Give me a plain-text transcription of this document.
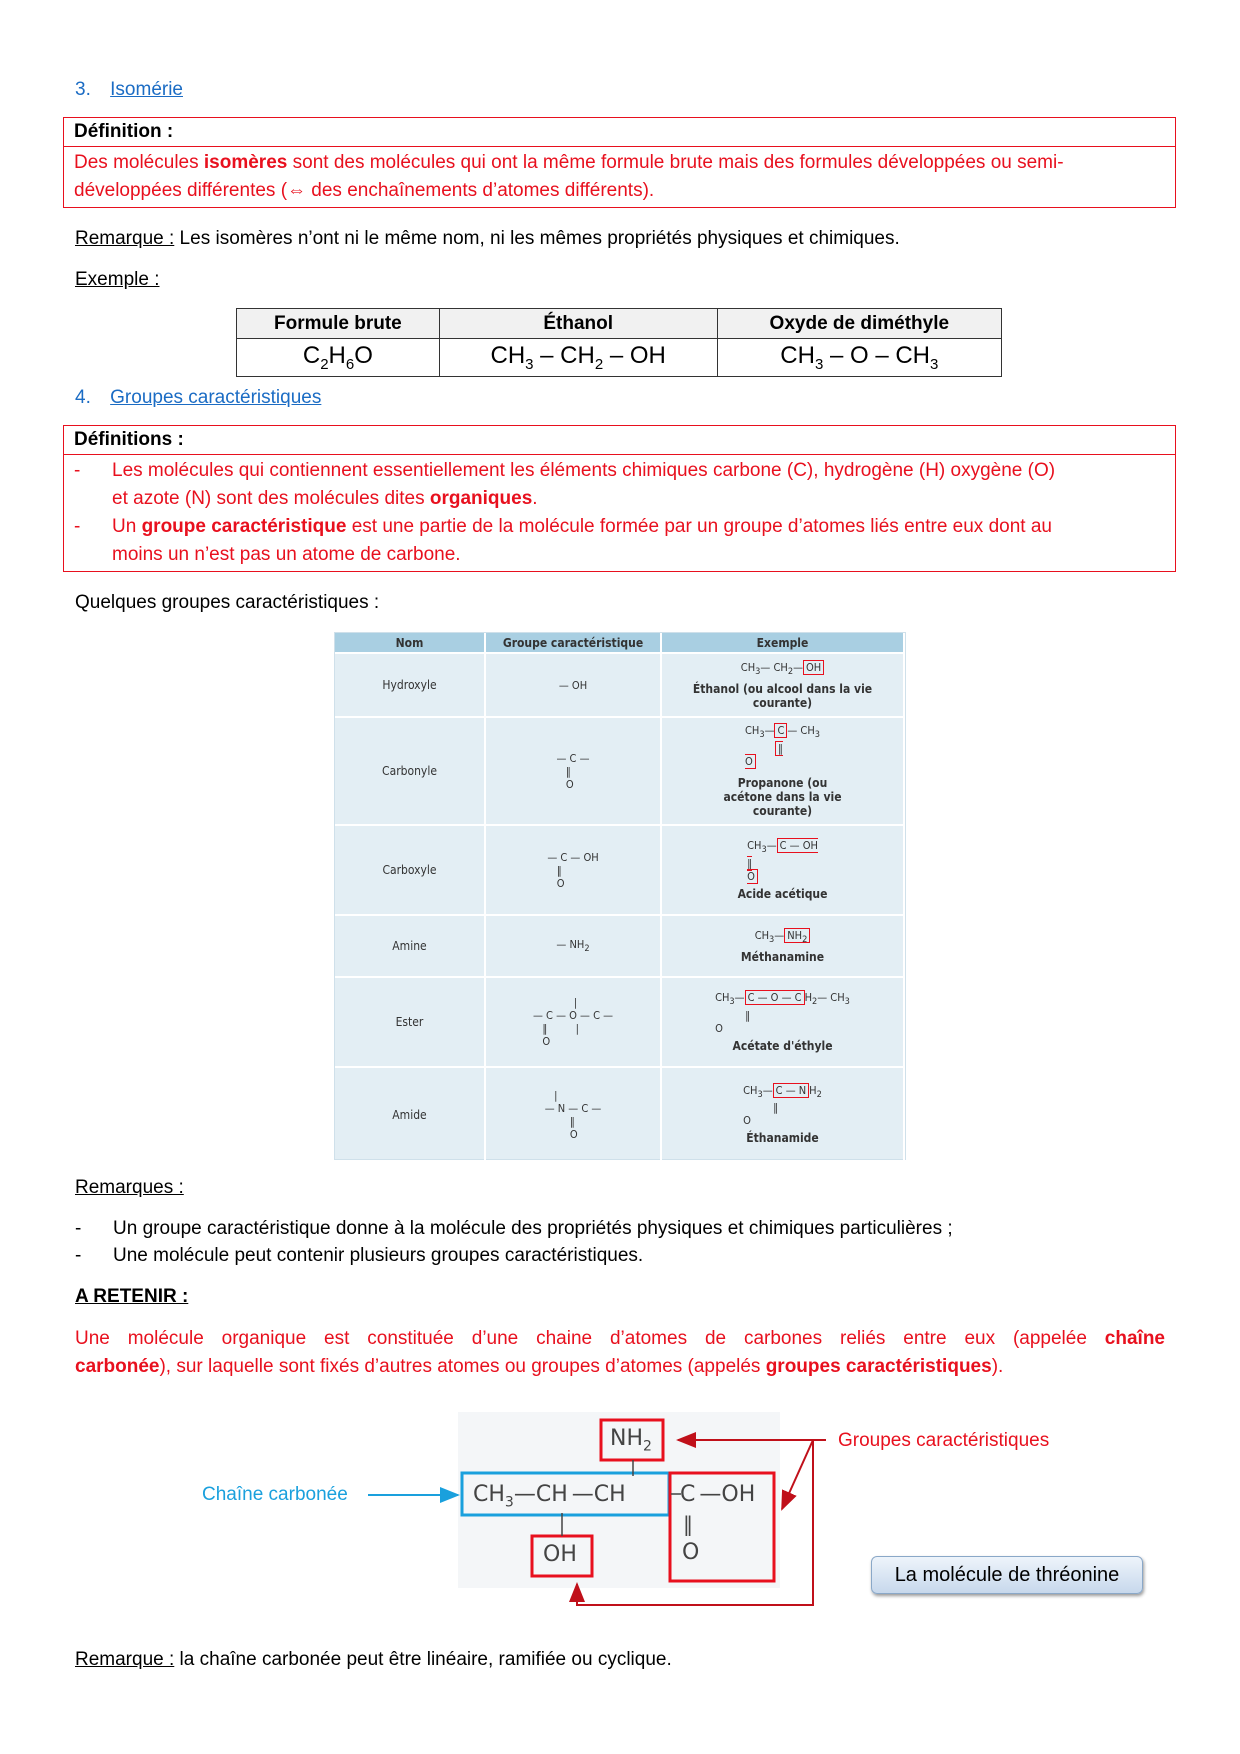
3. Isomérie
Définition :
Des molécules isomères sont des molécules qui ont la même formule brute mais des formules développées ou semi-
développées différentes (⇔ des enchaînements d’atomes différents).
Remarque : Les isomères n’ont ni le même nom, ni les mêmes propriétés physiques et chimiques.
Exemple :
Formule brute	Éthanol	Oxyde de diméthyle
$C_2H_6O$	$CH_3 - CH_2$ – OH	$CH_3$ – O – $CH_3$
4. Groupes caractéristiques
Définitions :
-	Les molécules qui contiennent essentiellement les éléments chimiques carbone (C), hydrogène (H) oxygène (O)
et azote (N) sont des molécules dites organiques.
-	Un groupe caractéristique est une partie de la molécule formée par un groupe d’atomes liés entre eux dont au
moins un n’est pas un atome de carbone.
Quelques groupes caractéristiques :
Nom	Groupe caractéristique	Exemple
Hydroxyle	— OH	$CH_3—$ $CH_2—$ OH
Éthanol (ou alcool dans la vie courante)

Carbonyle	— C —
‖
O	$CH_3—$ C — $CH_3$
‖
O
Propanone (ou acétone dans la vie courante)

Carboxyle	— C — OH
‖
O	$CH_3—$ C — OH
‖
O
Acide acétique

Amine	— $NH_2$	$CH_3—$ $NH_2$
Méthanamine

Ester	|
— C — O — C —
‖         |
O	$CH_3—$ C — O — C $H_2—$ $CH_3$
‖
O
Acétate d'éthyle

Amide	|
— N — C —
‖
O	$CH_3—$ C — N $H_2$
‖
O
Éthanamide
Remarques :
- Un groupe caractéristique donne à la molécule des propriétés physiques et chimiques particulières ;
- Une molécule peut contenir plusieurs groupes caractéristiques.
A RETENIR :
Une molécule organique est constituée d’une chaine d’atomes de carbones reliés entre eux (appelée chaîne
carbonée), sur laquelle sont fixés d’autres atomes ou groupes d’atomes (appelés groupes caractéristiques).
$CH_3—CH$ —CH C —OH
‖
O
$NH_2$
OH
Chaîne carbonée
Groupes caractéristiques
La molécule de thréonine
Remarque : la chaîne carbonée peut être linéaire, ramifiée ou cyclique.
